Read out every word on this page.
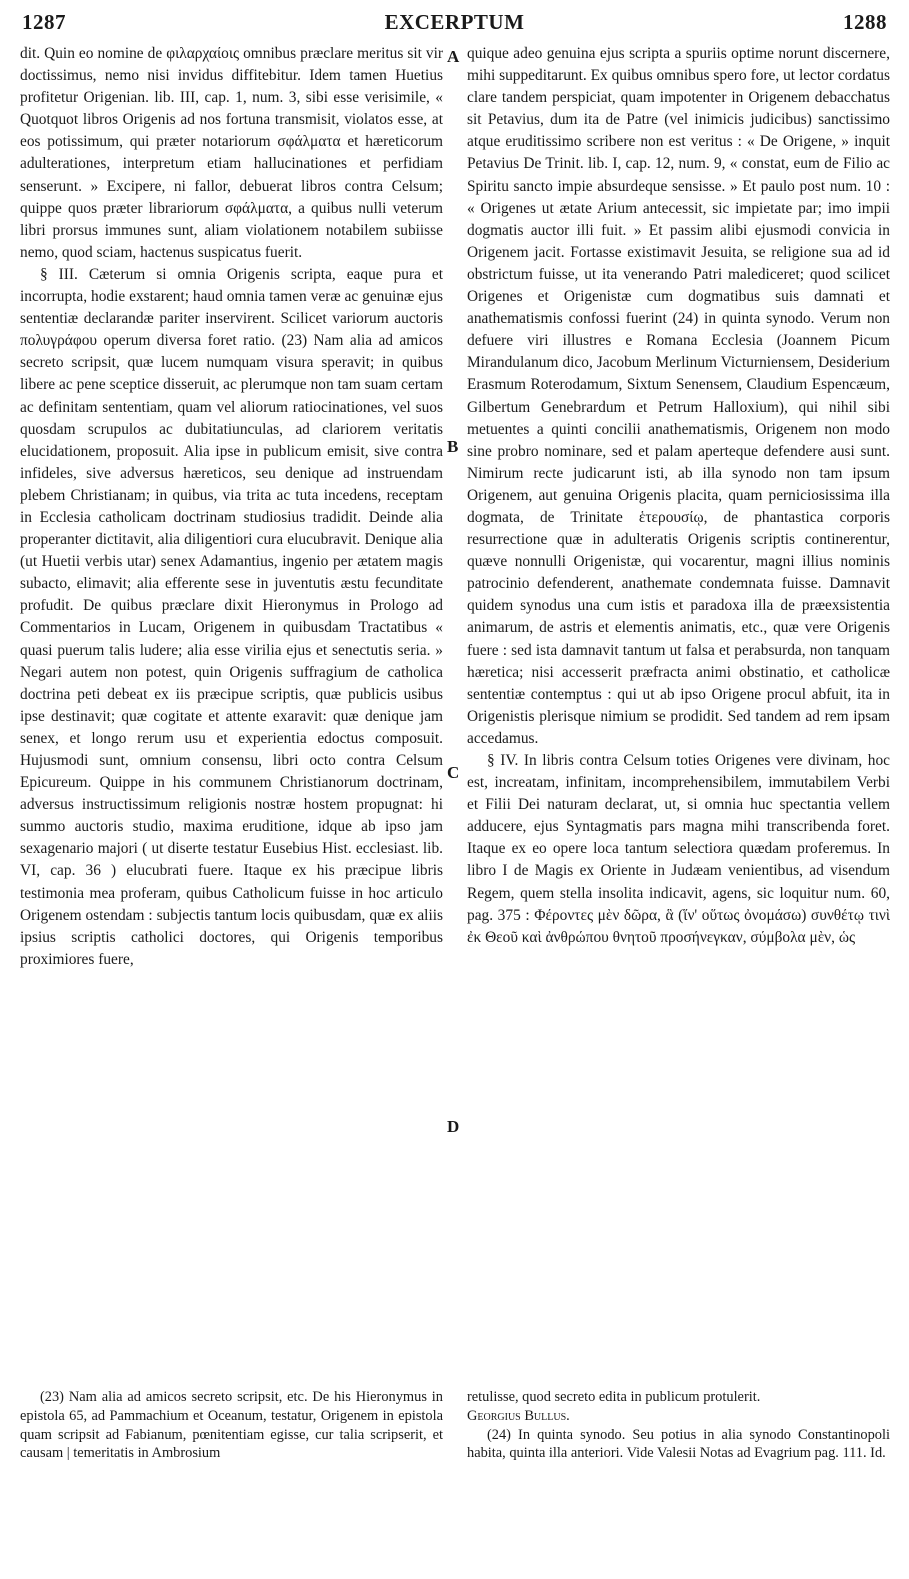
1287	EXCERPTUM	1288

dit. Quin eo nomine de φιλαρχαίοις omnibus præclare meritus sit vir doctissimus, nemo nisi invidus diffitebitur. Idem tamen Huetius profitetur Origenian. lib. III, cap. 1, num. 3, sibi esse verisimile, « Quotquot libros Origenis ad nos fortuna transmisit, violatos esse, at eos potissimum, qui præter notariorum σφάλματα et hæreticorum adulterationes, interpretum etiam hallucinationes et perfidiam senserunt. » Excipere, ni fallor, debuerat libros contra Celsum; quippe quos præter librariorum σφάλματα, a quibus nulli veterum libri prorsus immunes sunt, aliam violationem notabilem subiisse nemo, quod sciam, hactenus suspicatus fuerit.

§ III. Cæterum si omnia Origenis scripta, eaque pura et incorrupta, hodie exstarent; haud omnia tamen veræ ac genuinæ ejus sententiæ declarandæ pariter inservirent. Scilicet variorum auctoris πολυγράφου operum diversa foret ratio. (23) Nam alia ad amicos secreto scripsit, quæ lucem numquam visura speravit; in quibus libere ac pene sceptice disseruit, ac plerumque non tam suam certam ac definitam sententiam, quam vel aliorum ratiocinationes, vel suos quosdam scrupulos ac dubitatiunculas, ad clariorem veritatis elucidationem, proposuit. Alia ipse in publicum emisit, sive contra infideles, sive adversus hæreticos, seu denique ad instruendam plebem Christianam; in quibus, via trita ac tuta incedens, receptam in Ecclesia catholicam doctrinam studiosius tradidit. Deinde alia properanter dictitavit, alia diligentiori cura elucubravit. Denique alia (ut Huetii verbis utar) senex Adamantius, ingenio per ætatem magis subacto, elimavit; alia efferente sese in juventutis æstu fecunditate profudit. De quibus præclare dixit Hieronymus in Prologo ad Commentarios in Lucam, Origenem in quibusdam Tractatibus « quasi puerum talis ludere; alia esse virilia ejus et senectutis seria. » Negari autem non potest, quin Origenis suffragium de catholica doctrina peti debeat ex iis præcipue scriptis, quæ publicis usibus ipse destinavit; quæ cogitate et attente exaravit: quæ denique jam senex, et longo rerum usu et experientia edoctus composuit. Hujusmodi sunt, omnium consensu, libri octo contra Celsum Epicureum. Quippe in his communem Christianorum doctrinam, adversus instructissimum religionis nostræ hostem propugnat: hi summo auctoris studio, maxima eruditione, idque ab ipso jam sexagenario majori ( ut diserte testatur Eusebius Hist. ecclesiast. lib. VI, cap. 36 ) elucubrati fuere. Itaque ex his præcipue libris testimonia mea proferam, quibus Catholicum fuisse in hoc articulo Origenem ostendam : subjectis tantum locis quibusdam, quæ ex aliis ipsius scriptis catholici doctores, qui Origenis temporibus proximiores fuere,

quique adeo genuina ejus scripta a spuriis optime norunt discernere, mihi suppeditarunt. Ex quibus omnibus spero fore, ut lector cordatus clare tandem perspiciat, quam impotenter in Origenem debacchatus sit Petavius, dum ita de Patre (vel inimicis judicibus) sanctissimo atque eruditissimo scribere non est veritus : « De Origene, » inquit Petavius De Trinit. lib. I, cap. 12, num. 9, « constat, eum de Filio ac Spiritu sancto impie absurdeque sensisse. » Et paulo post num. 10 : « Origenes ut ætate Arium antecessit, sic impietate par; imo impii dogmatis auctor illi fuit. » Et passim alibi ejusmodi convicia in Origenem jacit. Fortasse existimavit Jesuita, se religione sua ad id obstrictum fuisse, ut ita venerando Patri malediceret; quod scilicet Origenes et Origenistæ cum dogmatibus suis damnati et anathematismis confossi fuerint (24) in quinta synodo. Verum non defuere viri illustres e Romana Ecclesia (Joannem Picum Mirandulanum dico, Jacobum Merlinum Victurniensem, Desiderium Erasmum Roterodamum, Sixtum Senensem, Claudium Espencæum, Gilbertum Genebrardum et Petrum Halloxium), qui nihil sibi metuentes a quinti concilii anathematismis, Origenem non modo sine probro nominare, sed et palam aperteque defendere ausi sunt. Nimirum recte judicarunt isti, ab illa synodo non tam ipsum Origenem, aut genuina Origenis placita, quam perniciosissima illa dogmata, de Trinitate ἑτερουσίῳ, de phantastica corporis resurrectione quæ in adulteratis Origenis scriptis continerentur, quæve nonnulli Origenistæ, qui vocarentur, magni illius nominis patrocinio defenderent, anathemate condemnata fuisse. Damnavit quidem synodus una cum istis et paradoxa illa de præexsistentia animarum, de astris et elementis animatis, etc., quæ vere Origenis fuere : sed ista damnavit tantum ut falsa et perabsurda, non tanquam hæretica; nisi accesserit præfracta animi obstinatio, et catholicæ sententiæ contemptus : qui ut ab ipso Origene procul abfuit, ita in Origenistis plerisque nimium se prodidit. Sed tandem ad rem ipsam accedamus.

§ IV. In libris contra Celsum toties Origenes vere divinam, hoc est, increatam, infinitam, incomprehensibilem, immutabilem Verbi et Filii Dei naturam declarat, ut, si omnia huc spectantia vellem adducere, ejus Syntagmatis pars magna mihi transcribenda foret. Itaque ex eo opere loca tantum selectiora quædam proferemus. In libro I de Magis ex Oriente in Judæam venientibus, ad visendum Regem, quem stella insolita indicavit, agens, sic loquitur num. 60, pag. 375 : Φέροντες μὲν δῶρα, ἃ (ἵν' οὕτως ὀνομάσω) συνθέτῳ τινὶ ἐκ Θεοῦ καὶ ἀνθρώπου θνητοῦ προσήνεγκαν, σύμβολα μὲν, ὡς

A
B
C
D

(23) Nam alia ad amicos secreto scripsit, etc. De his Hieronymus in epistola 65, ad Pammachium et Oceanum, testatur, Origenem in epistola quam scripsit ad Fabianum, pœnitentiam egisse, cur talia scripserit, et causam | temeritatis in Ambrosium

retulisse, quod secreto edita in publicum protulerit.

Georgius Bullus.

(24) In quinta synodo. Seu potius in alia synodo Constantinopoli habita, quinta illa anteriori. Vide Valesii Notas ad Evagrium pag. 111. Id.
